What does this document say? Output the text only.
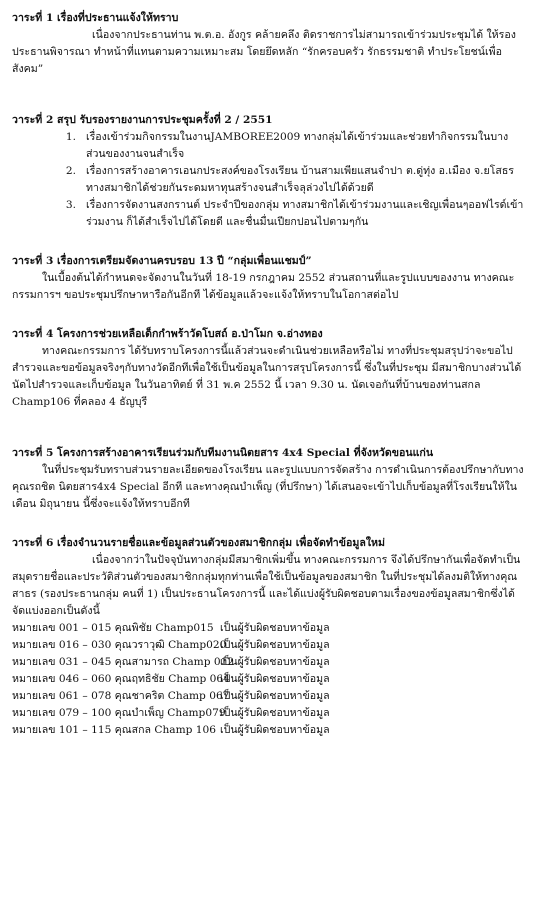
วาระที่ 1 เรื่องที่ประธานแจ้งให้ทราบ

เนื่องจากประธานท่าน พ.ต.อ. อังกูร คล้ายคลึง ติดราชการไม่สามารถเข้าร่วมประชุมได้ ให้รองประธานพิจารณา ทำหน้าที่แทนตามความเหมาะสม โดยยึดหลัก “รักครอบครัว รักธรรมชาติ ทำประโยชน์เพื่อสังคม”

วาระที่ 2 สรุป รับรองรายงานการประชุมครั้งที่ 2 / 2551

1. เรื่องเข้าร่วมกิจกรรมในงานJAMBOREE2009 ทางกลุ่มได้เข้าร่วมและช่วยทำกิจกรรมในบางส่วนของงานจนสำเร็จ
2. เรื่องการสร้างอาคารเอนกประสงค์ของโรงเรียน บ้านสามเพียแสนจำปา ต.ดู่ทุ่ง อ.เมือง จ.ยโสธร ทางสมาชิกได้ช่วยกันระดมหาทุนสร้างจนสำเร็จลุล่วงไปได้ด้วยดี
3. เรื่องการจัดงานสงกรานต์ ประจำปีของกลุ่ม ทางสมาชิกได้เข้าร่วมงานและเชิญเพื่อนๆออฟไรด์เข้าร่วมงาน ก็ได้สำเร็จไปได้โดยดี และชื่นมื่นเปียกปอนไปตามๆกัน

วาระที่ 3 เรื่องการเตรียมจัดงานครบรอบ 13 ปี “กลุ่มเพื่อนแชมป์”

ในเบื้องต้นได้กำหนดจะจัดงานในวันที่ 18-19 กรกฎาคม 2552 ส่วนสถานที่และรูปแบบของงาน ทางคณะกรรมการฯ ขอประชุมปรึกษาหารือกันอีกที ได้ข้อมูลแล้วจะแจ้งให้ทราบในโอกาสต่อไป

วาระที่ 4 โครงการช่วยเหลือเด็กกำพร้าวัดโบสถ์ อ.ป่าโมก จ.อ่างทอง

ทางคณะกรรมการ ได้รับทราบโครงการนี้แล้วส่วนจะดำเนินช่วยเหลือหรือไม่ ทางที่ประชุมสรุปว่าจะขอไปสำรวจและขอข้อมูลจริงๆกับทางวัดอีกทีเพื่อใช้เป็นข้อมูลในการสรุปโครงการนี้ ซึ่งในที่ประชุม มีสมาชิกบางส่วนได้นัดไปสำรวจและเก็บข้อมูล ในวันอาทิตย์ ที่ 31 พ.ค 2552 นี้ เวลา 9.30 น. นัดเจอกันที่บ้านของท่านสกล Champ106 ที่คลอง 4 ธัญบุรี

วาระที่ 5 โครงการสร้างอาคารเรียนร่วมกับทีมงานนิตยสาร 4x4 Special ที่จังหวัดขอนแก่น

ในที่ประชุมรับทราบส่วนรายละเอียดของโรงเรียน และรูปแบบการจัดสร้าง การดำเนินการต้องปรึกษากับทางคุณรถชิต นิตยสาร4x4 Special อีกที และทางคุณบำเพ็ญ (ที่ปรึกษา) ได้เสนอจะเข้าไปเก็บข้อมูลที่โรงเรียนให้ในเดือน มิถุนายน นี้ซึ่งจะแจ้งให้ทราบอีกที

วาระที่ 6 เรื่องจำนวนรายชื่อและข้อมูลส่วนตัวของสมาชิกกลุ่ม เพื่อจัดทำข้อมูลใหม่

เนื่องจากว่าในปัจจุบันทางกลุ่มมีสมาชิกเพิ่มขึ้น ทางคณะกรรมการ จึงได้ปรึกษากันเพื่อจัดทำเป็นสมุดรายชื่อและประวัติส่วนตัวของสมาชิกกลุ่มทุกท่านเพื่อใช้เป็นข้อมูลของสมาชิก ในที่ประชุมได้ลงมติให้ทางคุณสาธร (รองประธานกลุ่ม คนที่ 1) เป็นประธานโครงการนี้ และได้แบ่งผู้รับผิดชอบตามเรื่องของข้อมูลสมาชิกซึ่งได้จัดแบ่งออกเป็นดังนี้

หมายเลข 001 – 015 คุณพิชัย Champ015 เป็นผู้รับผิดชอบหาข้อมูล
หมายเลข 016 – 030 คุณวราวุฒิ Champ020
เป็นผู้รับผิดชอบหาข้อมูล
หมายเลข 031 – 045 คุณสามารถ Champ 012
เป็นผู้รับผิดชอบหาข้อมูล
หมายเลข 046 – 060 คุณฤทธิชัย Champ 064
เป็นผู้รับผิดชอบหาข้อมูล
หมายเลข 061 – 078 คุณชาคริต Champ 067
เป็นผู้รับผิดชอบหาข้อมูล
หมายเลข 079 – 100 คุณบำเพ็ญ Champ079
เป็นผู้รับผิดชอบหาข้อมูล
หมายเลข 101 – 115 คุณสกล Champ 106 เป็นผู้รับผิดชอบหาข้อมูล
